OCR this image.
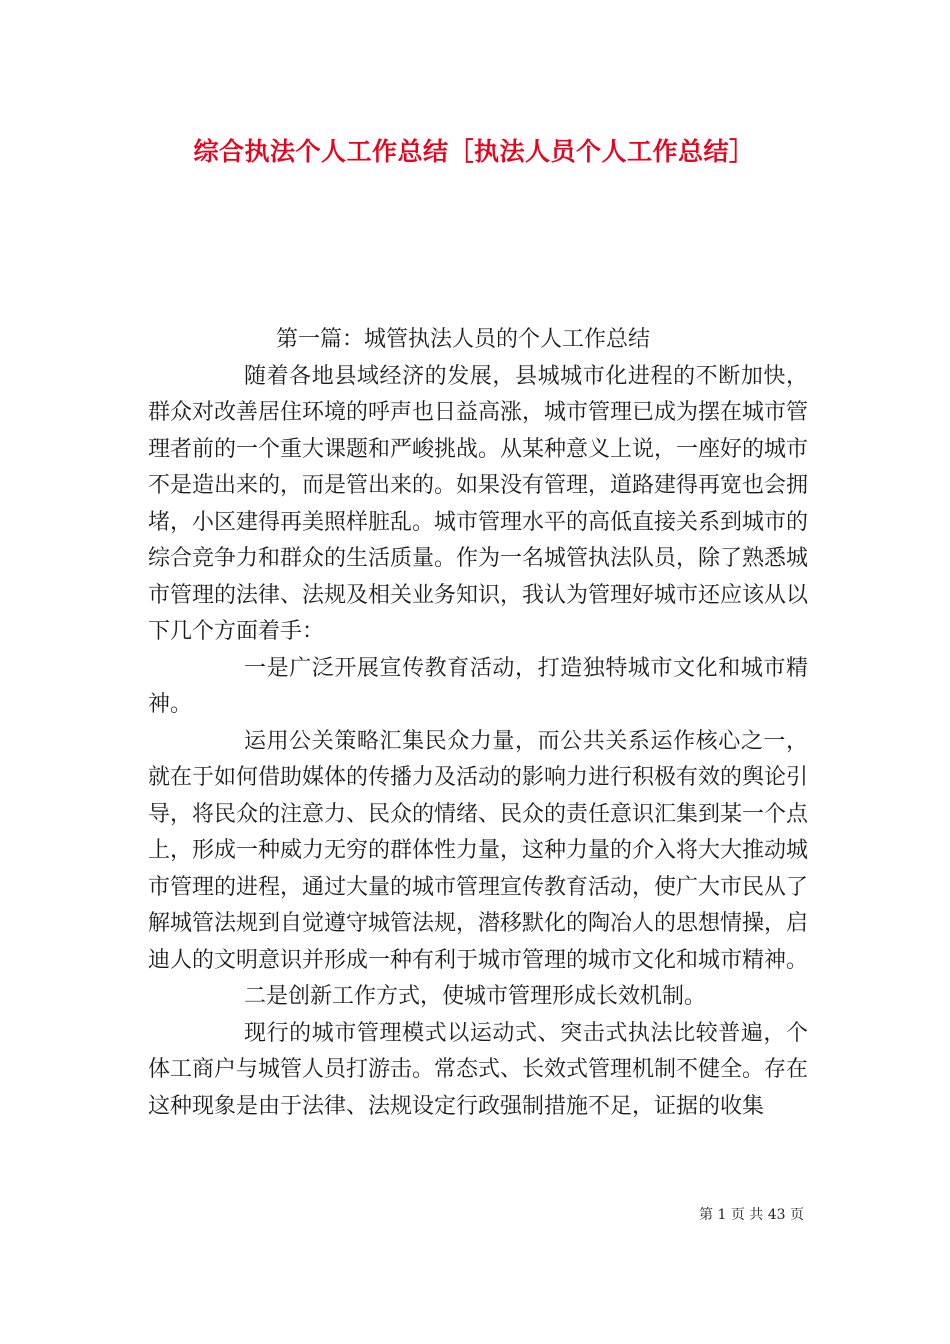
综合执法个人工作总结［执法人员个人工作总结］

第一篇：城管执法人员的个人工作总结

随着各地县域经济的发展，县城城市化进程的不断加快，群众对改善居住环境的呼声也日益高涨，城市管理已成为摆在城市管理者前的一个重大课题和严峻挑战。从某种意义上说，一座好的城市不是造出来的，而是管出来的。如果没有管理，道路建得再宽也会拥堵，小区建得再美照样脏乱。城市管理水平的高低直接关系到城市的综合竞争力和群众的生活质量。作为一名城管执法队员，除了熟悉城市管理的法律、法规及相关业务知识，我认为管理好城市还应该从以下几个方面着手：

一是广泛开展宣传教育活动，打造独特城市文化和城市精神。

运用公关策略汇集民众力量，而公共关系运作核心之一，就在于如何借助媒体的传播力及活动的影响力进行积极有效的舆论引导，将民众的注意力、民众的情绪、民众的责任意识汇集到某一个点上，形成一种威力无穷的群体性力量，这种力量的介入将大大推动城市管理的进程，通过大量的城市管理宣传教育活动，使广大市民从了解城管法规到自觉遵守城管法规，潜移默化的陶冶人的思想情操，启迪人的文明意识并形成一种有利于城市管理的城市文化和城市精神。

二是创新工作方式，使城市管理形成长效机制。

现行的城市管理模式以运动式、突击式执法比较普遍，个体工商户与城管人员打游击。常态式、长效式管理机制不健全。存在这种现象是由于法律、法规设定行政强制措施不足，证据的收集

第 1 页 共 43 页
